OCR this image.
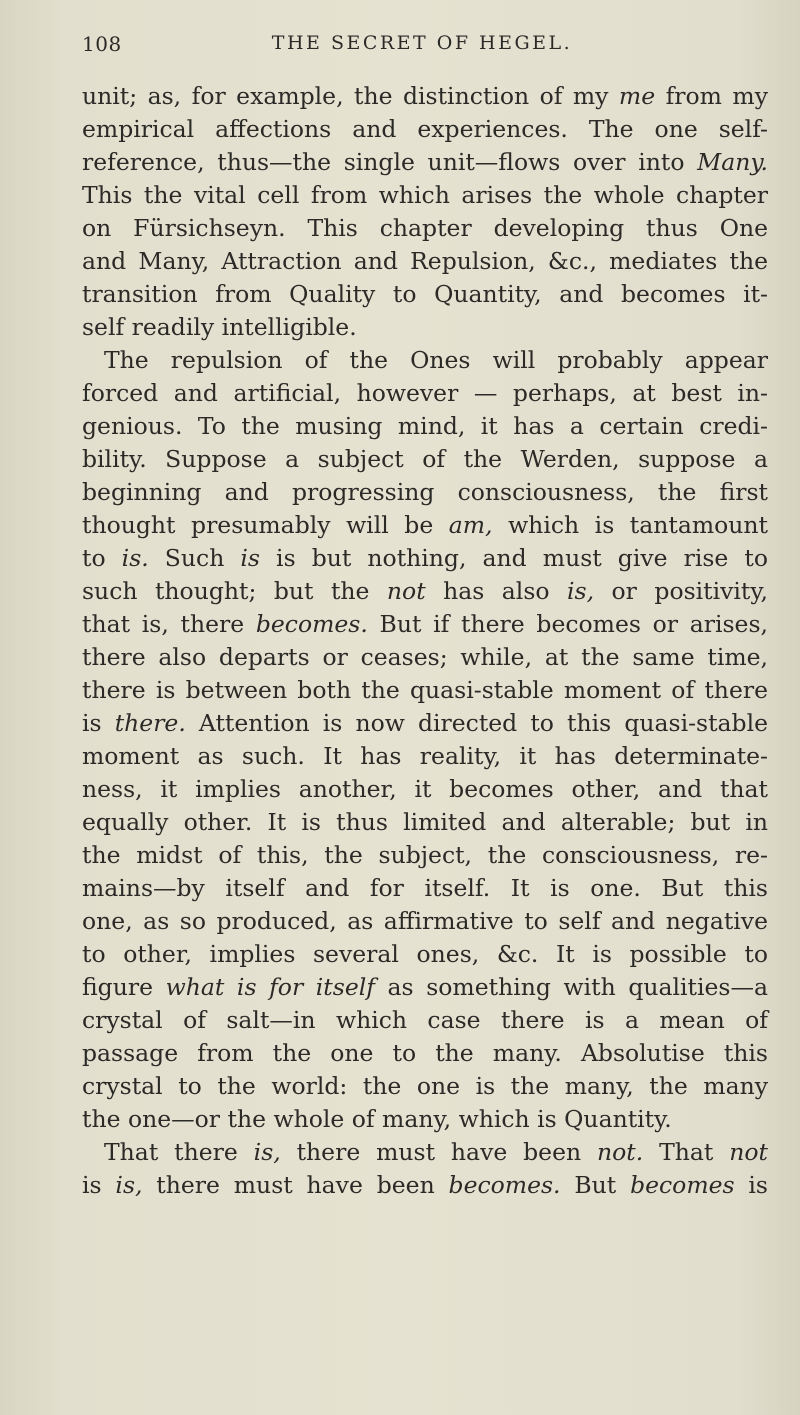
108	THE SECRET OF HEGEL.
unit; as, for example, the distinction of my me from my
empirical affections and experiences. The one self-
reference, thus—the single unit—flows over into Many.
This the vital cell from which arises the whole chapter
on Fürsichseyn. This chapter developing thus One
and Many, Attraction and Repulsion, &c., mediates the
transition from Quality to Quantity, and becomes it-
self readily intelligible.
The repulsion of the Ones will probably appear
forced and artificial, however — perhaps, at best in-
genious. To the musing mind, it has a certain credi-
bility. Suppose a subject of the Werden, suppose a
beginning and progressing consciousness, the first
thought presumably will be am, which is tantamount
to is. Such is is but nothing, and must give rise to
such thought; but the not has also is, or positivity,
that is, there becomes. But if there becomes or arises,
there also departs or ceases; while, at the same time,
there is between both the quasi-stable moment of there
is there. Attention is now directed to this quasi-stable
moment as such. It has reality, it has determinate-
ness, it implies another, it becomes other, and that
equally other. It is thus limited and alterable; but in
the midst of this, the subject, the consciousness, re-
mains—by itself and for itself. It is one. But this
one, as so produced, as affirmative to self and negative
to other, implies several ones, &c. It is possible to
figure what is for itself as something with qualities—a
crystal of salt—in which case there is a mean of
passage from the one to the many. Absolutise this
crystal to the world: the one is the many, the many
the one—or the whole of many, which is Quantity.
That there is, there must have been not. That not
is is, there must have been becomes. But becomes is
